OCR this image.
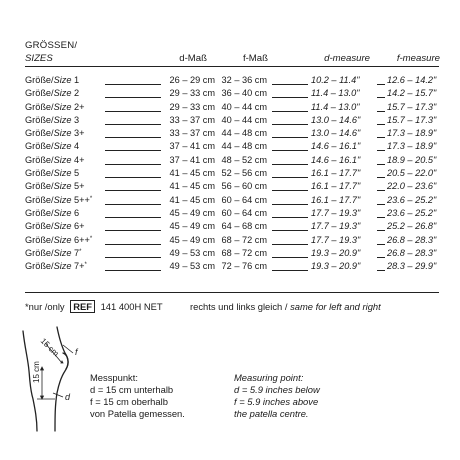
GRÖSSEN/
SIZES	d-Maß	f-Maß	d-measure	f-measure
Größe/Size 1	26 – 29 cm 32 – 36 cm	10.2 – 11.4"	12.6 – 14.2"
Größe/Size 2	29 – 33 cm 36 – 40 cm	11.4 – 13.0"	14.2 – 15.7"
Größe/Size 2+	29 – 33 cm 40 – 44 cm	11.4 – 13.0"	15.7 – 17.3"
Größe/Size 3	33 – 37 cm 40 – 44 cm	13.0 – 14.6"	15.7 – 17.3"
Größe/Size 3+	33 – 37 cm 44 – 48 cm	13.0 – 14.6"	17.3 – 18.9"
Größe/Size 4	37 – 41 cm 44 – 48 cm	14.6 – 16.1"	17.3 – 18.9"
Größe/Size 4+	37 – 41 cm 48 – 52 cm	14.6 – 16.1"	18.9 – 20.5"
Größe/Size 5	41 – 45 cm 52 – 56 cm	16.1 – 17.7"	20.5 – 22.0"
Größe/Size 5+	41 – 45 cm 56 – 60 cm	16.1 – 17.7"	22.0 – 23.6"
Größe/Size 5++*	41 – 45 cm 60 – 64 cm	16.1 – 17.7"	23.6 – 25.2"
Größe/Size 6	45 – 49 cm 60 – 64 cm	17.7 – 19.3"	23.6 – 25.2"
Größe/Size 6+	45 – 49 cm 64 – 68 cm	17.7 – 19.3"	25.2 – 26.8"
Größe/Size 6++*	45 – 49 cm 68 – 72 cm	17.7 – 19.3"	26.8 – 28.3"
Größe/Size 7*	49 – 53 cm 68 – 72 cm	19.3 – 20.9"	26.8 – 28.3"
Größe/Size 7+*	49 – 53 cm 72 – 76 cm	19.3 – 20.9"	28.3 – 29.9"
*nur /only REF 141 400H NET	rechts und links gleich / same for left and right
15 cm
15 cm
f
d
Messpunkt:
d = 15 cm unterhalb
f = 15 cm oberhalb
von Patella gemessen.
Measuring point:
d = 5.9 inches below
f = 5.9 inches above
the patella centre.
